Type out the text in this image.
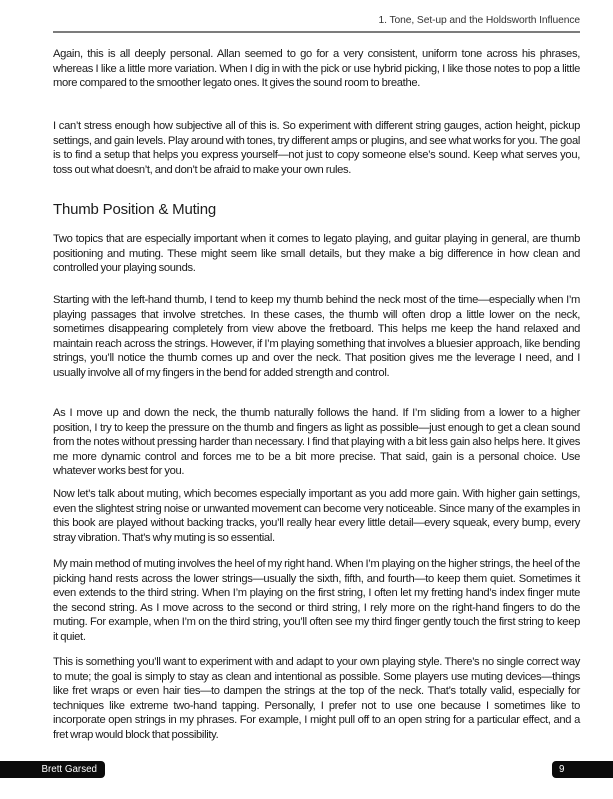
1. Tone, Set-up and the Holdsworth Influence

Again, this is all deeply personal. Allan seemed to go for a very consistent, uniform tone across his phrases, whereas I like a little more variation. When I dig in with the pick or use hybrid picking, I like those notes to pop a little more compared to the smoother legato ones. It gives the sound room to breathe.

I can’t stress enough how subjective all of this is. So experiment with different string gauges, action height, pickup settings, and gain levels. Play around with tones, try different amps or plugins, and see what works for you. The goal is to find a setup that helps you express yourself—not just to copy someone else’s sound. Keep what serves you, toss out what doesn’t, and don’t be afraid to make your own rules.

Thumb Position & Muting

Two topics that are especially important when it comes to legato playing, and guitar playing in general, are thumb positioning and muting. These might seem like small details, but they make a big difference in how clean and controlled your playing sounds.

Starting with the left-hand thumb, I tend to keep my thumb behind the neck most of the time—especially when I’m playing passages that involve stretches. In these cases, the thumb will often drop a little lower on the neck, sometimes disappearing completely from view above the fretboard. This helps me keep the hand relaxed and maintain reach across the strings. However, if I’m playing something that involves a bluesier approach, like bending strings, you’ll notice the thumb comes up and over the neck. That position gives me the leverage I need, and I usually involve all of my fingers in the bend for added strength and control.

As I move up and down the neck, the thumb naturally follows the hand. If I’m sliding from a lower to a higher position, I try to keep the pressure on the thumb and fingers as light as possible—just enough to get a clean sound from the notes without pressing harder than necessary. I find that playing with a bit less gain also helps here. It gives me more dynamic control and forces me to be a bit more precise. That said, gain is a personal choice. Use whatever works best for you.

Now let’s talk about muting, which becomes especially important as you add more gain. With higher gain settings, even the slightest string noise or unwanted movement can become very noticeable. Since many of the examples in this book are played without backing tracks, you’ll really hear every little detail—every squeak, every bump, every stray vibration. That’s why muting is so essential.

My main method of muting involves the heel of my right hand. When I’m playing on the higher strings, the heel of the picking hand rests across the lower strings—usually the sixth, fifth, and fourth—to keep them quiet. Sometimes it even extends to the third string. When I’m playing on the first string, I often let my fretting hand’s index finger mute the second string. As I move across to the second or third string, I rely more on the right-hand fingers to do the muting. For example, when I’m on the third string, you’ll often see my third finger gently touch the first string to keep it quiet.

This is something you’ll want to experiment with and adapt to your own playing style. There’s no single correct way to mute; the goal is simply to stay as clean and intentional as possible. Some players use muting devices—things like fret wraps or even hair ties—to dampen the strings at the top of the neck. That’s totally valid, especially for techniques like extreme two-hand tapping. Personally, I prefer not to use one because I sometimes like to incorporate open strings in my phrases. For example, I might pull off to an open string for a particular effect, and a fret wrap would block that possibility.

Brett Garsed	9
